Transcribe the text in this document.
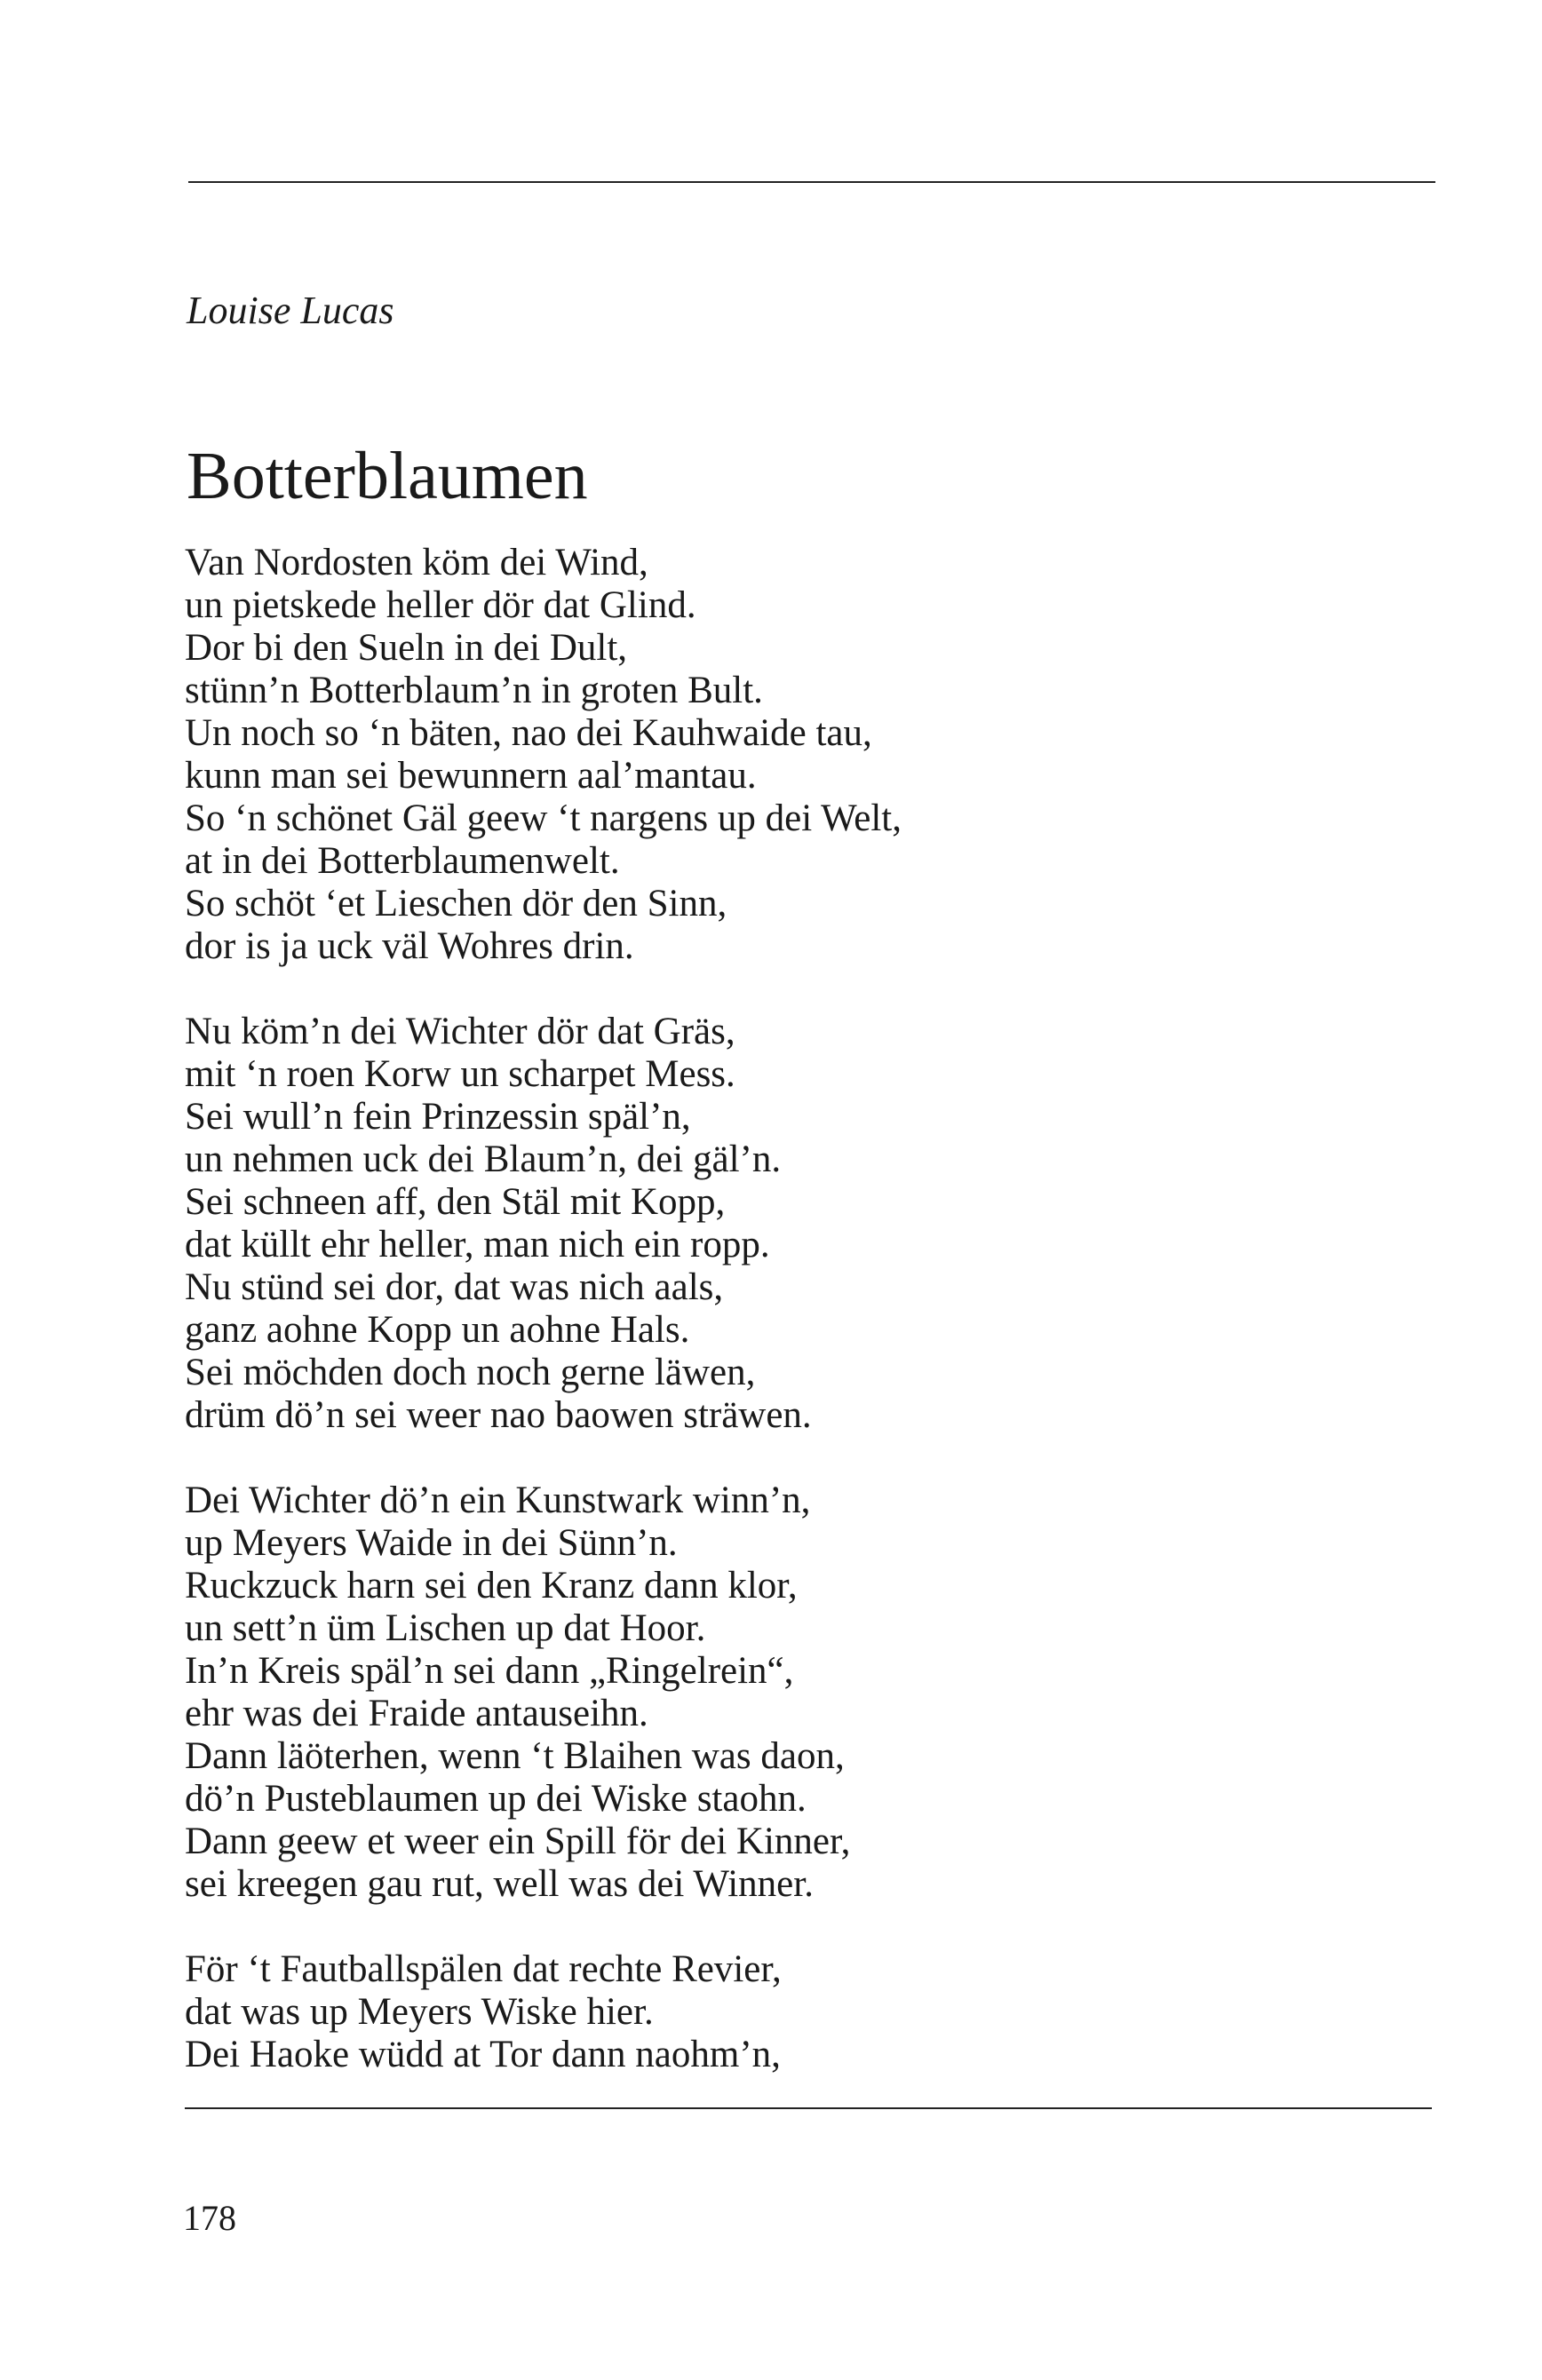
Louise Lucas
Botterblaumen
Van Nordosten köm dei Wind,
un pietskede heller dör dat Glind.
Dor bi den Sueln in dei Dult,
stünn’n Botterblaum’n in groten Bult.
Un noch so ‘n bäten, nao dei Kauhwaide tau,
kunn man sei bewunnern aal’mantau.
So ‘n schönet Gäl geew ‘t nargens up dei Welt,
at in dei Botterblaumenwelt.
So schöt ‘et Lieschen dör den Sinn,
dor is ja uck väl Wohres drin.
Nu köm’n dei Wichter dör dat Gräs,
mit ‘n roen Korw un scharpet Mess.
Sei wull’n fein Prinzessin späl’n,
un nehmen uck dei Blaum’n, dei gäl’n.
Sei schneen aff, den Stäl mit Kopp,
dat küllt ehr heller, man nich ein ropp.
Nu stünd sei dor, dat was nich aals,
ganz aohne Kopp un aohne Hals.
Sei möchden doch noch gerne läwen,
drüm dö’n sei weer nao baowen sträwen.
Dei Wichter dö’n ein Kunstwark winn’n,
up Meyers Waide in dei Sünn’n.
Ruckzuck harn sei den Kranz dann klor,
un sett’n üm Lischen up dat Hoor.
In’n Kreis späl’n sei dann „Ringelrein“,
ehr was dei Fraide antauseihn.
Dann läöterhen, wenn ‘t Blaihen was daon,
dö’n Pusteblaumen up dei Wiske staohn.
Dann geew et weer ein Spill för dei Kinner,
sei kreegen gau rut, well was dei Winner.
För ‘t Fautballspälen dat rechte Revier,
dat was up Meyers Wiske hier.
Dei Haoke wüdd at Tor dann naohm’n,
178
